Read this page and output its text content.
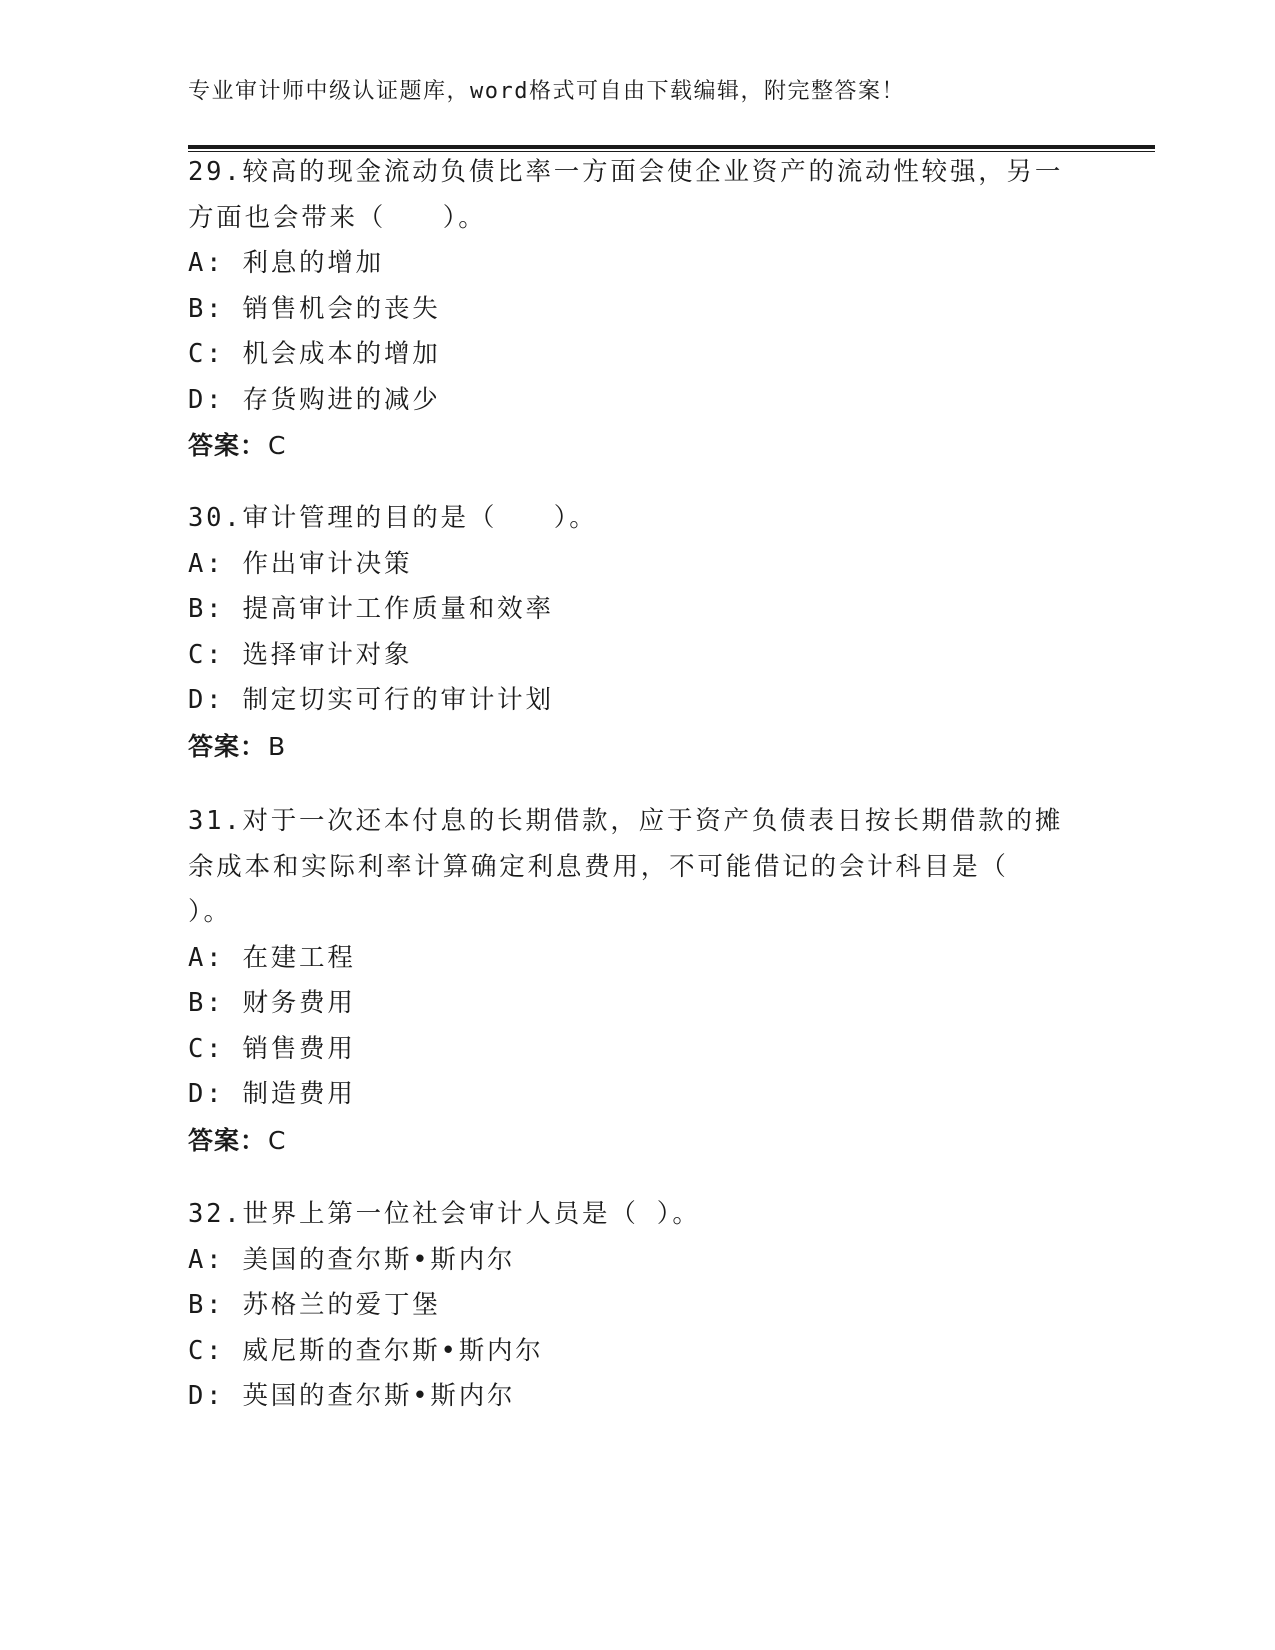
专业审计师中级认证题库，word格式可自由下载编辑，附完整答案！
29.较高的现金流动负债比率一方面会使企业资产的流动性较强，另一
方面也会带来（　　）。
A: 利息的增加
B: 销售机会的丧失
C: 机会成本的增加
D: 存货购进的减少
答案：C
30.审计管理的目的是（　　）。
A: 作出审计决策
B: 提高审计工作质量和效率
C: 选择审计对象
D: 制定切实可行的审计计划
答案：B
31.对于一次还本付息的长期借款，应于资产负债表日按长期借款的摊
余成本和实际利率计算确定利息费用，不可能借记的会计科目是（
）。
A: 在建工程
B: 财务费用
C: 销售费用
D: 制造费用
答案：C
32.世界上第一位社会审计人员是（ ）。
A: 美国的查尔斯•斯内尔
B: 苏格兰的爱丁堡
C: 威尼斯的查尔斯•斯内尔
D: 英国的查尔斯•斯内尔
